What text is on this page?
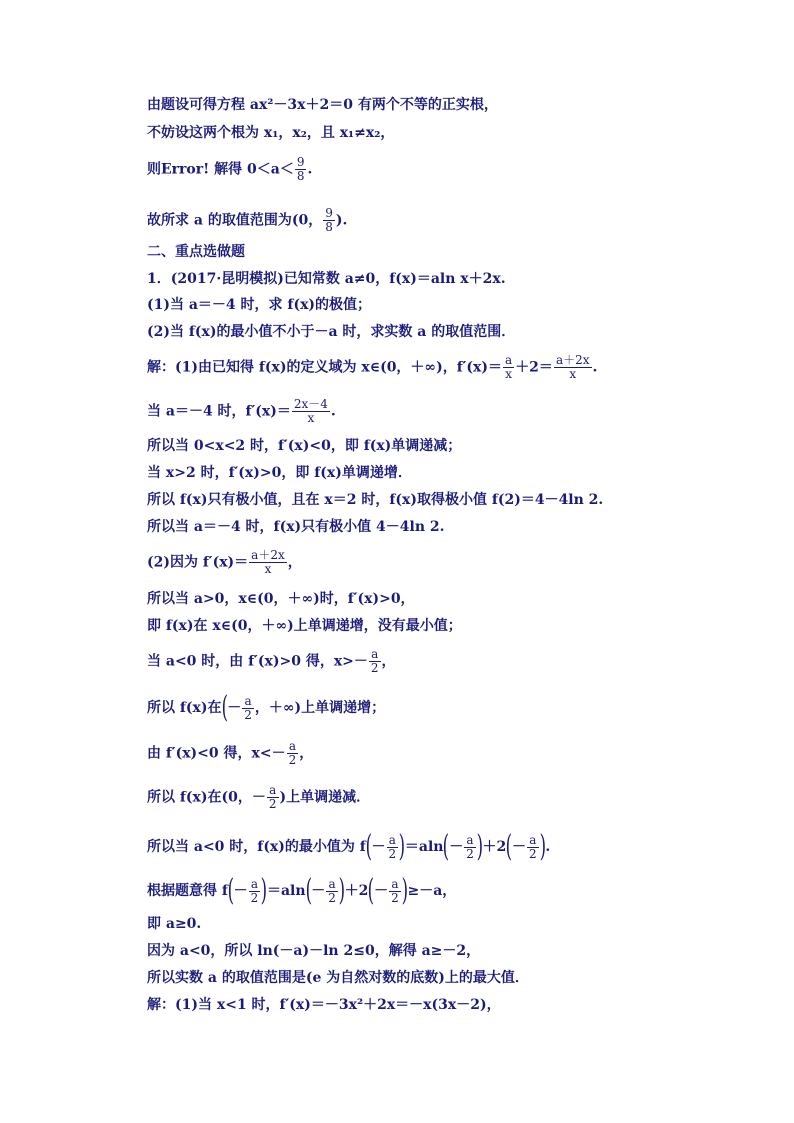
由题设可得方程 ax²－3x＋2＝0 有两个不等的正实根，
不妨设这两个根为 x₁，x₂，且 x₁≠x₂，
则Error! 解得 $0<a< \frac{9}{8}$ .
故所求 a 的取值范围为(0， $\frac{9}{8}$ ).
二、重点选做题
1．(2017·昆明模拟)已知常数 a≠0，f(x)＝aln x＋2x.
(1)当 a＝－4 时，求 f(x)的极值；
(2)当 f(x)的最小值不小于－a 时，求实数 a 的取值范围．
解：(1)由已知得 f(x)的定义域为 x∈(0，＋∞)，$f'(x)= \frac{a}{x} +2= \frac{a+2x}{x}$ .
当 a＝－4 时，$f'(x)= \frac{2x-4}{x}$ .
所以当 0<x<2 时，f′(x)<0，即 f(x)单调递减；
当 x>2 时，f′(x)>0，即 f(x)单调递增．
所以 f(x)只有极小值，且在 x＝2 时，f(x)取得极小值 f(2)＝4－4ln 2.
所以当 a＝－4 时，f(x)只有极小值 4－4ln 2.
(2)因为 $f'(x)= \frac{a+2x}{x}$ ，
所以当 a>0，x∈(0，＋∞)时，f′(x)>0，
即 f(x)在 x∈(0，＋∞)上单调递增，没有最小值；
当 a<0 时，由 f′(x)>0 得，$x>- \frac{a}{2}$ ，
所以 f(x)在(－ $\frac{a}{2}$ ，＋∞)上单调递增；
由 f′(x)<0 得，$x<- \frac{a}{2}$ ，
所以 f(x)在(0，－ $\frac{a}{2}$ )上单调递减．
所以当 a<0 时，f(x)的最小值为 $f(- \frac{a}{2} )=aln(- \frac{a}{2} )+2(- \frac{a}{2}$ ).
根据题意得 $f(- \frac{a}{2} )=aln(- \frac{a}{2} )+2(- \frac{a}{2} )\ge-a$，
即 a≥0.
因为 a<0，所以 ln(－a)－ln 2≤0，解得 a≥－2，
所以实数 a 的取值范围是(e 为自然对数的底数)上的最大值．
解：(1)当 x<1 时，f′(x)＝－3x²＋2x＝－x(3x－2)，
